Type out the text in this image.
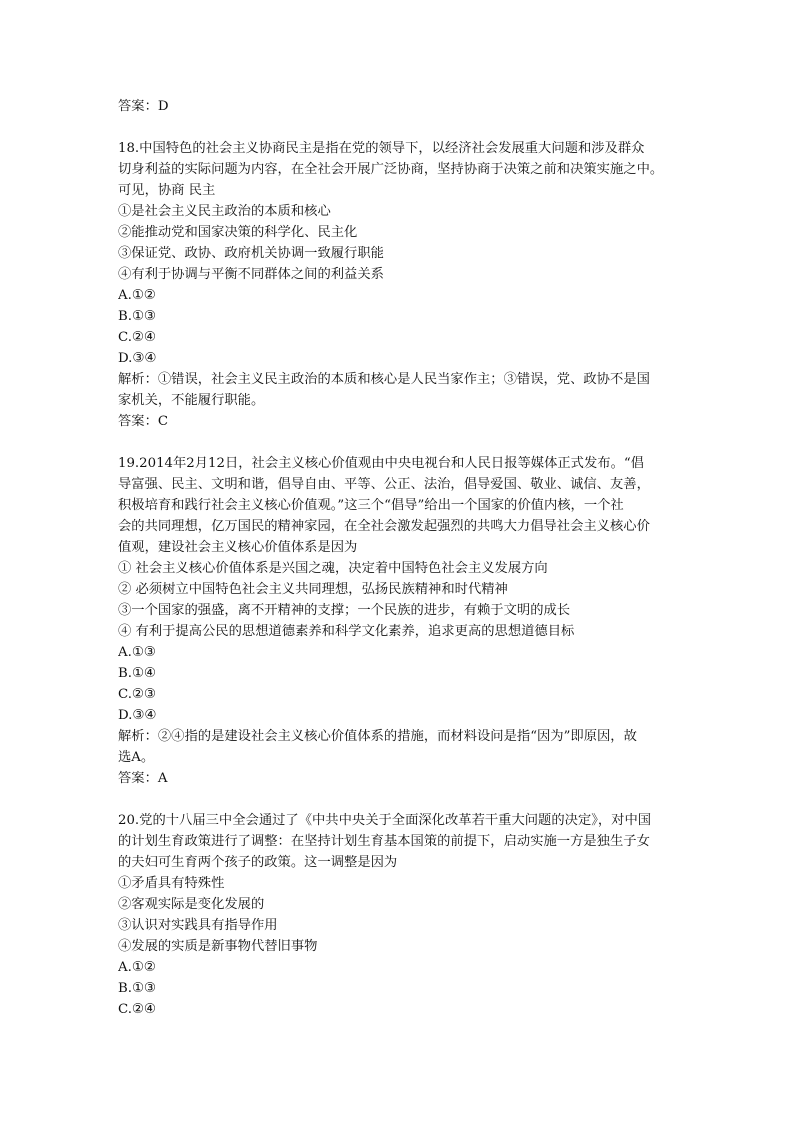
答案：D
18.中国特色的社会主义协商民主是指在党的领导下，以经济社会发展重大问题和涉及群众
切身利益的实际问题为内容，在全社会开展广泛协商，坚持协商于决策之前和决策实施之中。
可见，协商 民主
①是社会主义民主政治的本质和核心
②能推动党和国家决策的科学化、民主化
③保证党、政协、政府机关协调一致履行职能
④有利于协调与平衡不同群体之间的利益关系
A.①②
B.①③
C.②④
D.③④
解析：①错误，社会主义民主政治的本质和核心是人民当家作主；③错误，党、政协不是国
家机关，不能履行职能。
答案：C
19.2014年2月12日，社会主义核心价值观由中央电视台和人民日报等媒体正式发布。“倡
导富强、民主、文明和谐，倡导自由、平等、公正、法治，倡导爱国、敬业、诚信、友善，
积极培育和践行社会主义核心价值观。”这三个“倡导”给出一个国家的价值内核，一个社
会的共同理想，亿万国民的精神家园，在全社会激发起强烈的共鸣大力倡导社会主义核心价
值观，建设社会主义核心价值体系是因为
① 社会主义核心价值体系是兴国之魂，决定着中国特色社会主义发展方向
② 必须树立中国特色社会主义共同理想，弘扬民族精神和时代精神
③一个国家的强盛，离不开精神的支撑；一个民族的进步，有赖于文明的成长
④ 有利于提高公民的思想道德素养和科学文化素养，追求更高的思想道德目标
A.①③
B.①④
C.②③
D.③④
解析：②④指的是建设社会主义核心价值体系的措施，而材料设问是指“因为”即原因，故
选A。
答案：A
20.党的十八届三中全会通过了《中共中央关于全面深化改革若干重大问题的决定》，对中国
的计划生育政策进行了调整：在坚持计划生育基本国策的前提下，启动实施一方是独生子女
的夫妇可生育两个孩子的政策。这一调整是因为
①矛盾具有特殊性
②客观实际是变化发展的
③认识对实践具有指导作用
④发展的实质是新事物代替旧事物
A.①②
B.①③
C.②④
